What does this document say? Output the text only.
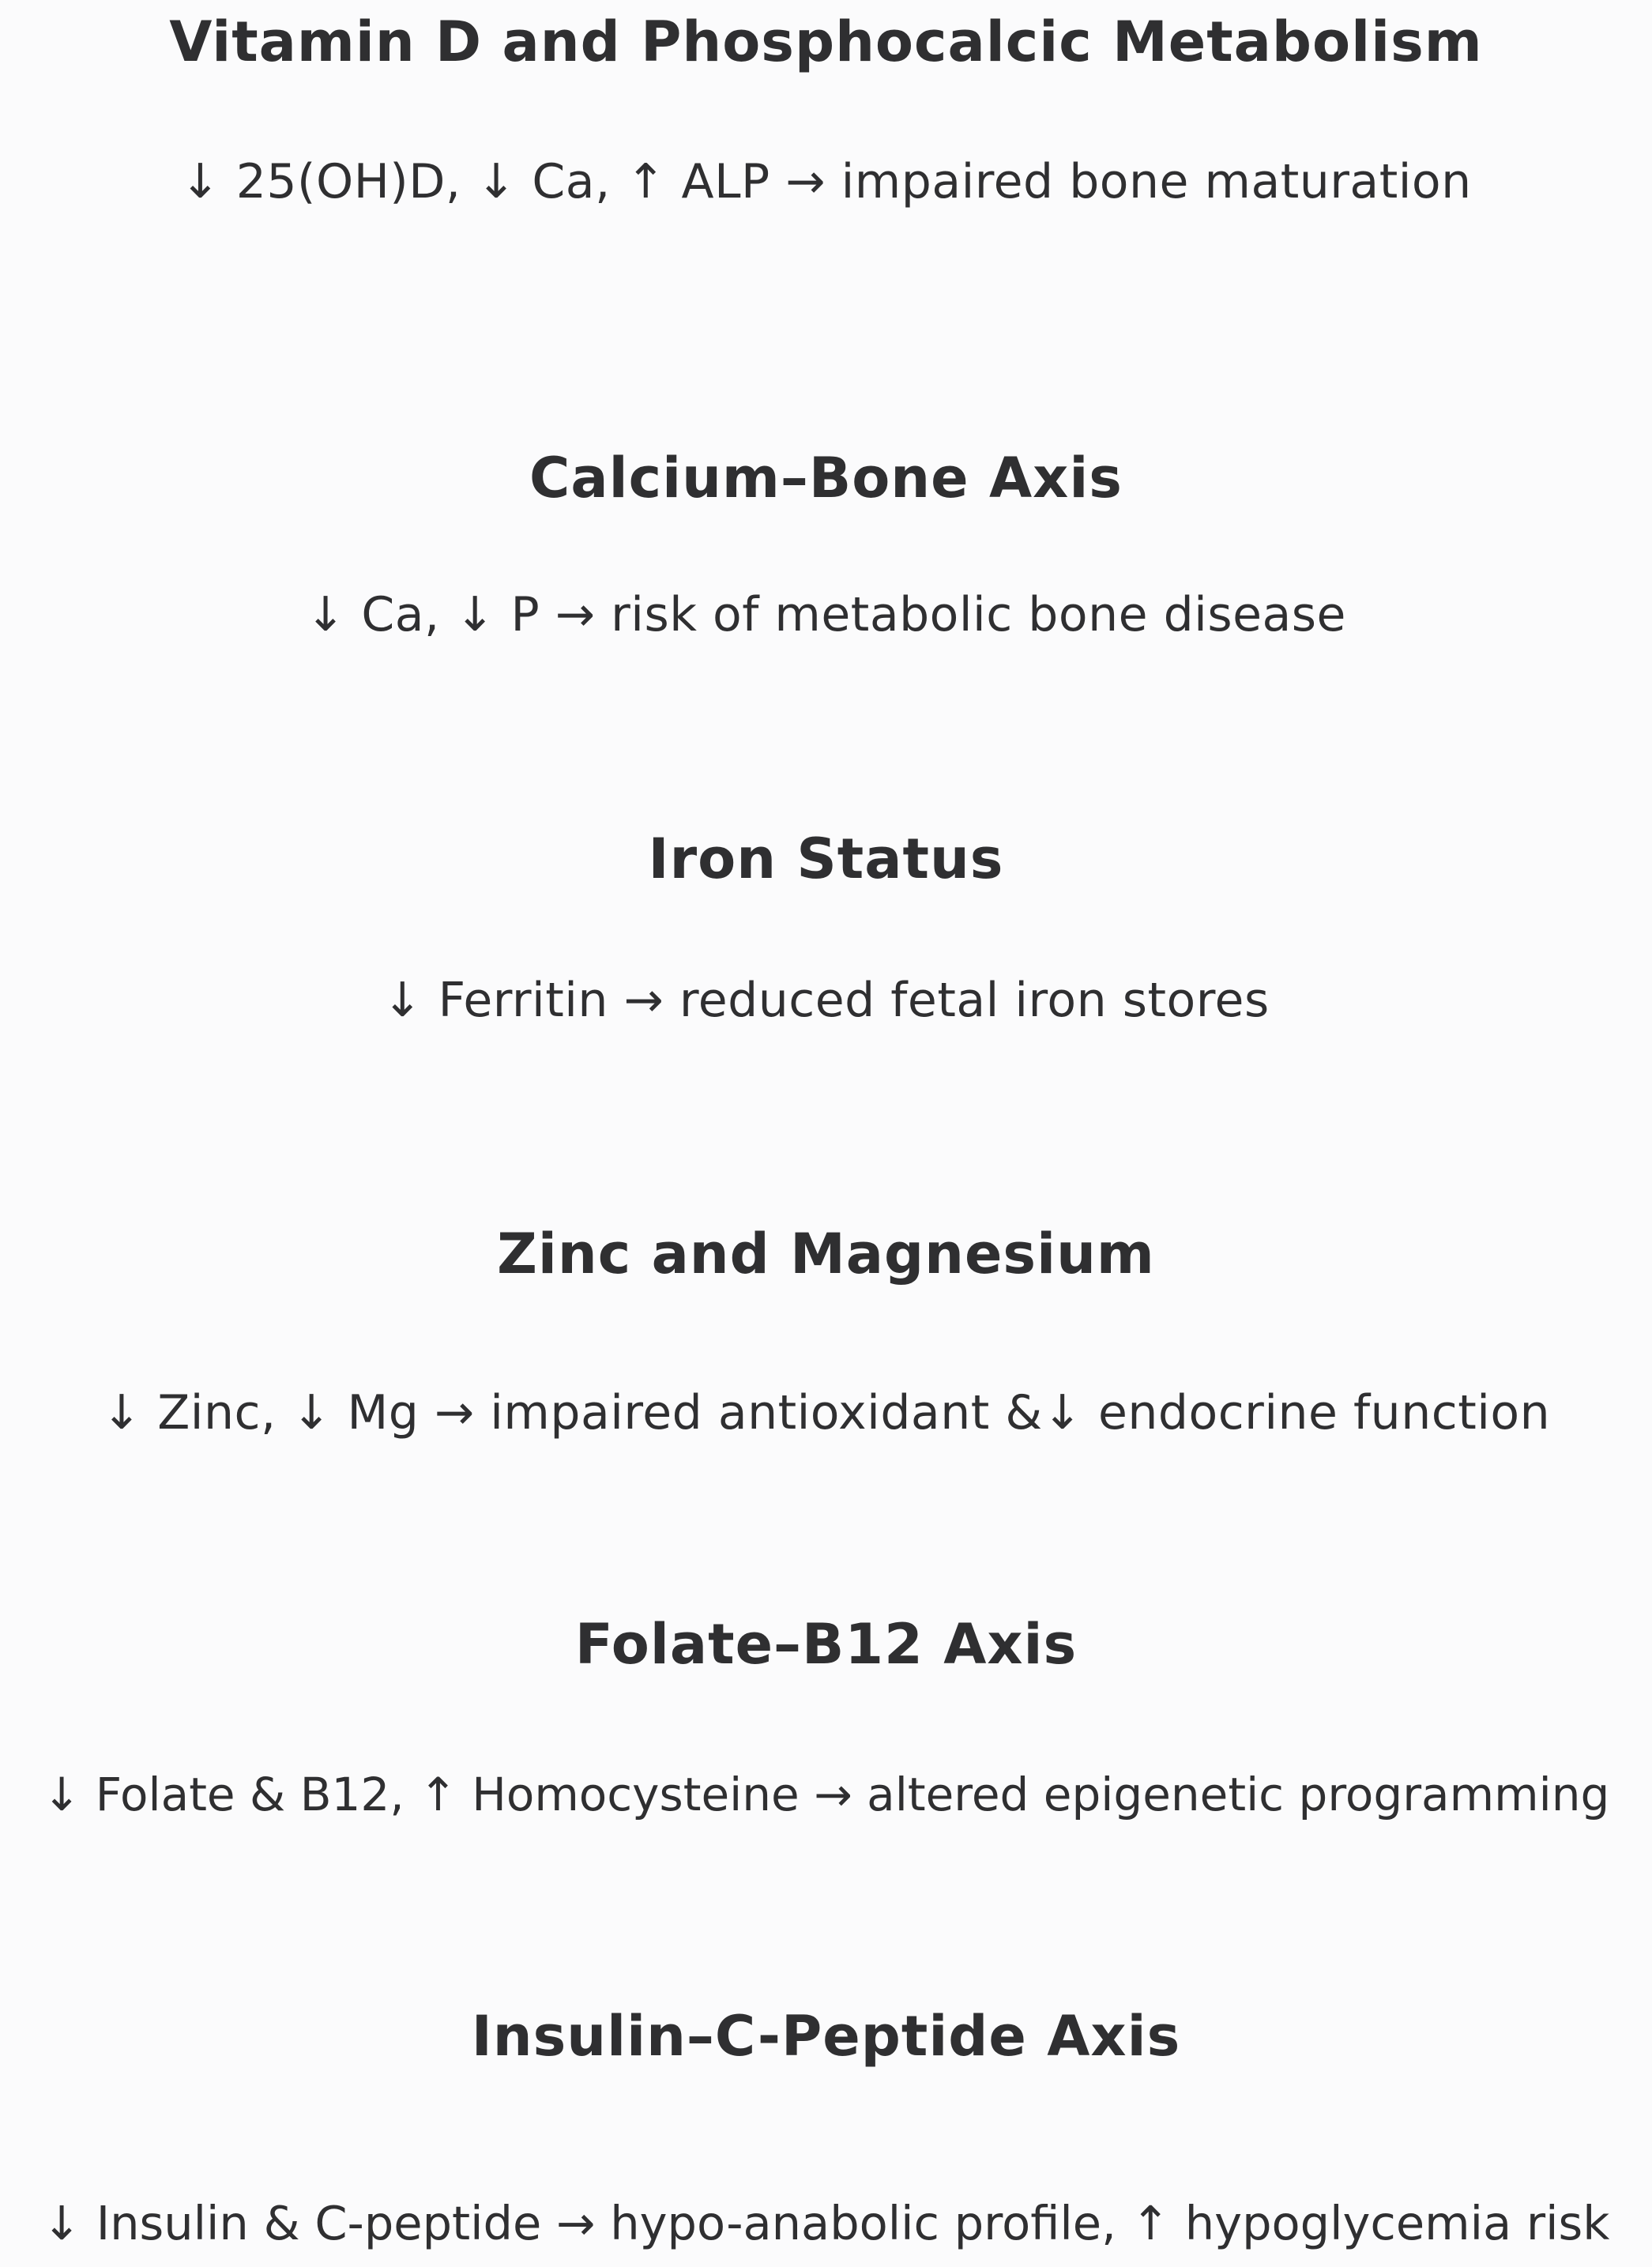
Vitamin D and Phosphocalcic Metabolism

↓ 25(OH)D, ↓ Ca, ↑ ALP → impaired bone maturation

Calcium–Bone Axis

↓ Ca, ↓ P → risk of metabolic bone disease

Iron Status

↓ Ferritin → reduced fetal iron stores

Zinc and Magnesium

↓ Zinc, ↓ Mg → impaired antioxidant &↓ endocrine function

Folate–B12 Axis

↓ Folate & B12, ↑ Homocysteine → altered epigenetic programming

Insulin–C-Peptide Axis

↓ Insulin & C-peptide → hypo-anabolic profile, ↑ hypoglycemia risk
